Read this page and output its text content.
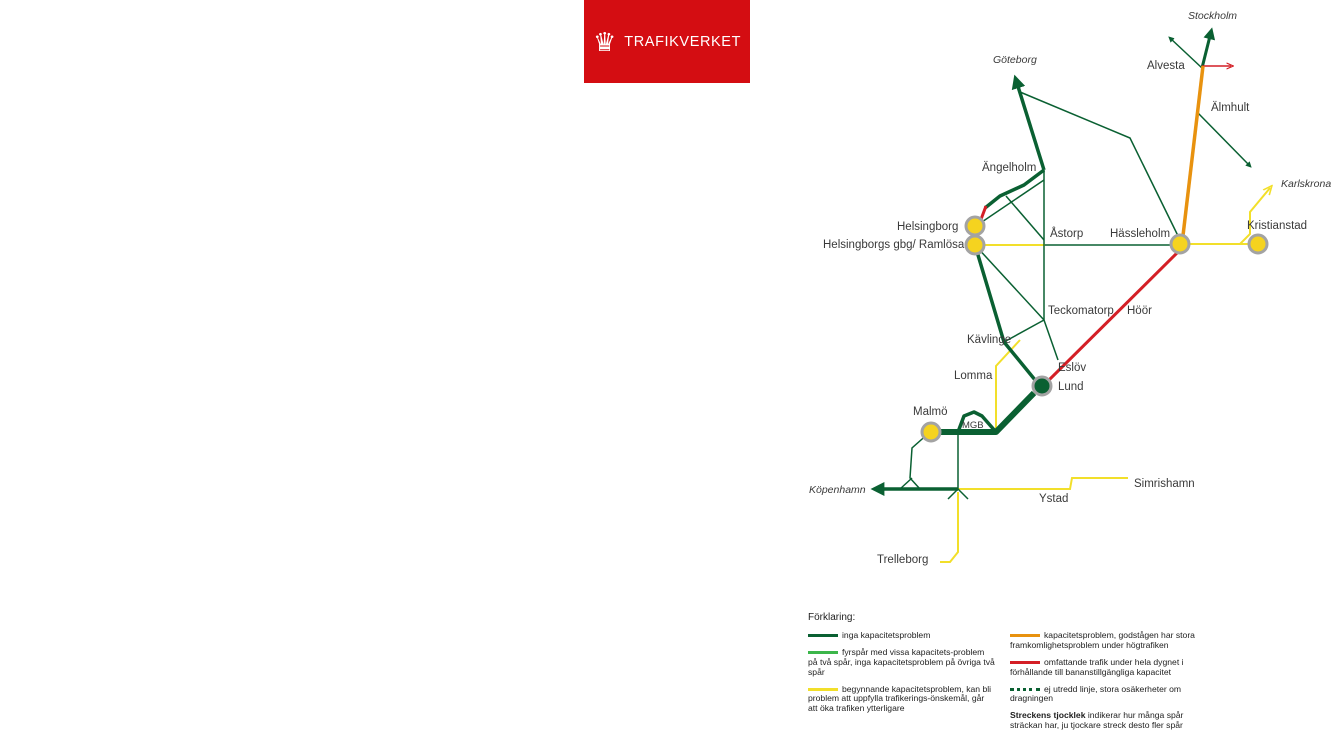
♛ TRAFIKVERKET
Stockholm
Göteborg	Alvesta
Älmhult
Karlskrona
Ängelholm
Helsingborg
Helsingborgs gbg/ Ramlösa
Åstorp Hässleholm
Kristianstad
Teckomatorp Höör
Kävlinge
Eslöv
Lomma
Lund
Malmö
MGB
Köpenhamn	Simrishamn
Ystad
Trelleborg
Förklaring:
inga kapacitetsproblem
fyrspår med vissa kapacitets-problem på två spår, inga kapacitetsproblem på övriga två spår
begynnande kapacitetsproblem, kan bli problem att uppfylla trafikerings-önskemål, går att öka trafiken ytterligare
kapacitetsproblem, godstågen har stora framkomlighetsproblem under högtrafiken
omfattande trafik under hela dygnet i förhållande till bananstillgängliga kapacitet
ej utredd linje, stora osäkerheter om dragningen
Streckens tjocklek indikerar hur många spår sträckan har, ju tjockare streck desto fler spår
